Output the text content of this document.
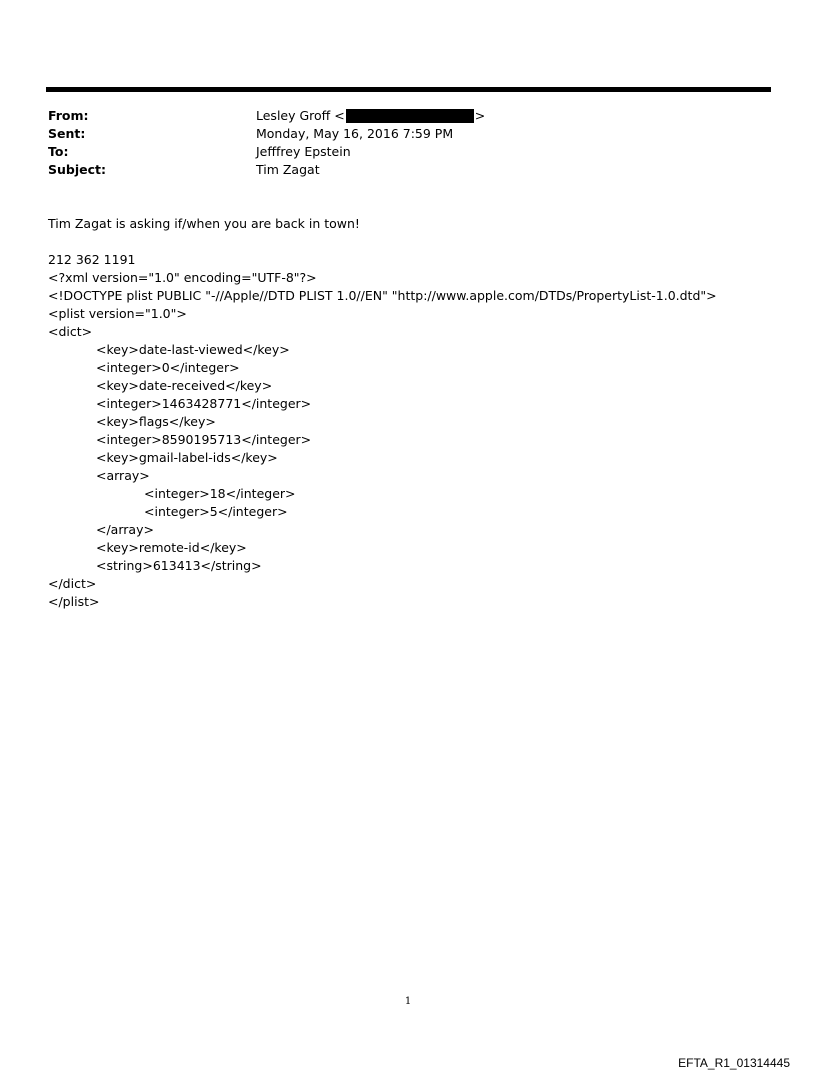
From:	Lesley Groff <	>
Sent:	Monday, May 16, 2016 7:59 PM
To:	Jefffrey Epstein
Subject:	Tim Zagat
Tim Zagat is asking if/when you are back in town!
212 362 1191
<?xml version="1.0" encoding="UTF-8"?>
<!DOCTYPE plist PUBLIC "-//Apple//DTD PLIST 1.0//EN" "http://www.apple.com/DTDs/PropertyList-1.0.dtd">
<plist version="1.0">
<dict>
<key>date-last-viewed</key>
<integer>0</integer>
<key>date-received</key>
<integer>1463428771</integer>
<key>flags</key>
<integer>8590195713</integer>
<key>gmail-label-ids</key>
<array>
<integer>18</integer>
<integer>5</integer>
</array>
<key>remote-id</key>
<string>613413</string>
</dict>
</plist>
1
EFTA_R1_01314445
